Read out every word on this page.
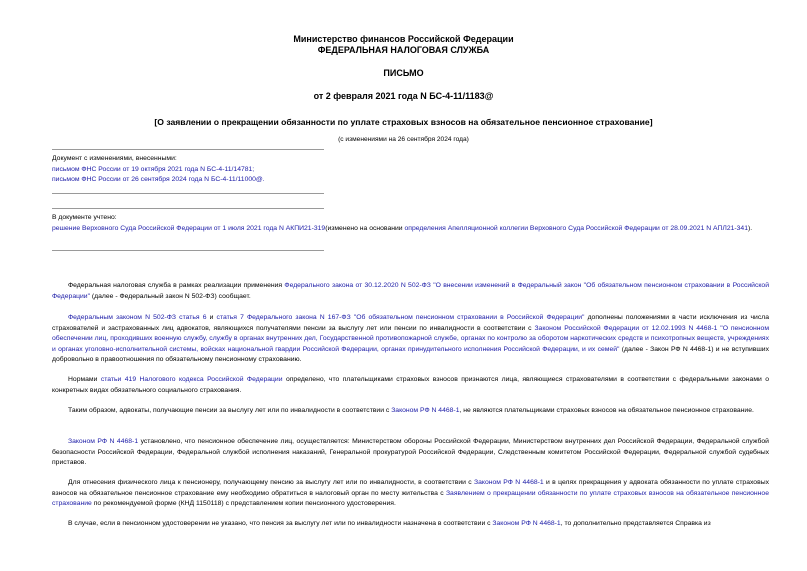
Министерство финансов Российской Федерации
ФЕДЕРАЛЬНАЯ НАЛОГОВАЯ СЛУЖБА
ПИСЬМО
от 2 февраля 2021 года N БС-4-11/1183@
[О заявлении о прекращении обязанности по уплате страховых взносов на обязательное пенсионное страхование]
(с изменениями на 26 сентября 2024 года)
Документ с изменениями, внесенными:
письмом ФНС России от 19 октября 2021 года N БС-4-11/14781;
письмом ФНС России от 26 сентября 2024 года N БС-4-11/11000@.
В документе учтено:
решение Верховного Суда Российской Федерации от 1 июля 2021 года N АКПИ21-319(изменено на основании определения Апелляционной коллегии Верховного Суда Российской Федерации от 28.09.2021 N АПЛ21-341).
Федеральная налоговая служба в рамках реализации применения Федерального закона от 30.12.2020 N 502-ФЗ "О внесении изменений в Федеральный закон "Об обязательном пенсионном страховании в Российской Федерации" (далее - Федеральный закон N 502-ФЗ) сообщает.
Федеральным законом N 502-ФЗ статья 6 и статья 7 Федерального закона N 167-ФЗ "Об обязательном пенсионном страховании в Российской Федерации" дополнены положениями в части исключения из числа страхователей и застрахованных лиц адвокатов, являющихся получателями пенсии за выслугу лет или пенсии по инвалидности в соответствии с Законом Российской Федерации от 12.02.1993 N 4468-1 "О пенсионном обеспечении лиц, проходивших военную службу, службу в органах внутренних дел, Государственной противопожарной службе, органах по контролю за оборотом наркотических средств и психотропных веществ, учреждениях и органах уголовно-исполнительной системы, войсках национальной гвардии Российской Федерации, органах принудительного исполнения Российской Федерации, и их семей" (далее - Закон РФ N 4468-1) и не вступивших добровольно в правоотношения по обязательному пенсионному страхованию.
Нормами статьи 419 Налогового кодекса Российской Федерации определено, что плательщиками страховых взносов признаются лица, являющиеся страхователями в соответствии с федеральными законами о конкретных видах обязательного социального страхования.
Таким образом, адвокаты, получающие пенсии за выслугу лет или по инвалидности в соответствии с Законом РФ N 4468-1, не являются плательщиками страховых взносов на обязательное пенсионное страхование.
Законом РФ N 4468-1 установлено, что пенсионное обеспечение лиц, осуществляется: Министерством обороны Российской Федерации, Министерством внутренних дел Российской Федерации, Федеральной службой безопасности Российской Федерации, Федеральной службой исполнения наказаний, Генеральной прокуратурой Российской Федерации, Следственным комитетом Российской Федерации, Федеральной службой судебных приставов.
Для отнесения физического лица к пенсионеру, получающему пенсию за выслугу лет или по инвалидности, в соответствии с Законом РФ N 4468-1 и в целях прекращения у адвоката обязанности по уплате страховых взносов на обязательное пенсионное страхование ему необходимо обратиться в налоговый орган по месту жительства с Заявлением о прекращении обязанности по уплате страховых взносов на обязательное пенсионное страхование по рекомендуемой форме (КНД 1150118) с представлением копии пенсионного удостоверения.
В случае, если в пенсионном удостоверении не указано, что пенсия за выслугу лет или по инвалидности назначена в соответствии с Законом РФ N 4468-1, то дополнительно представляется Справка из
